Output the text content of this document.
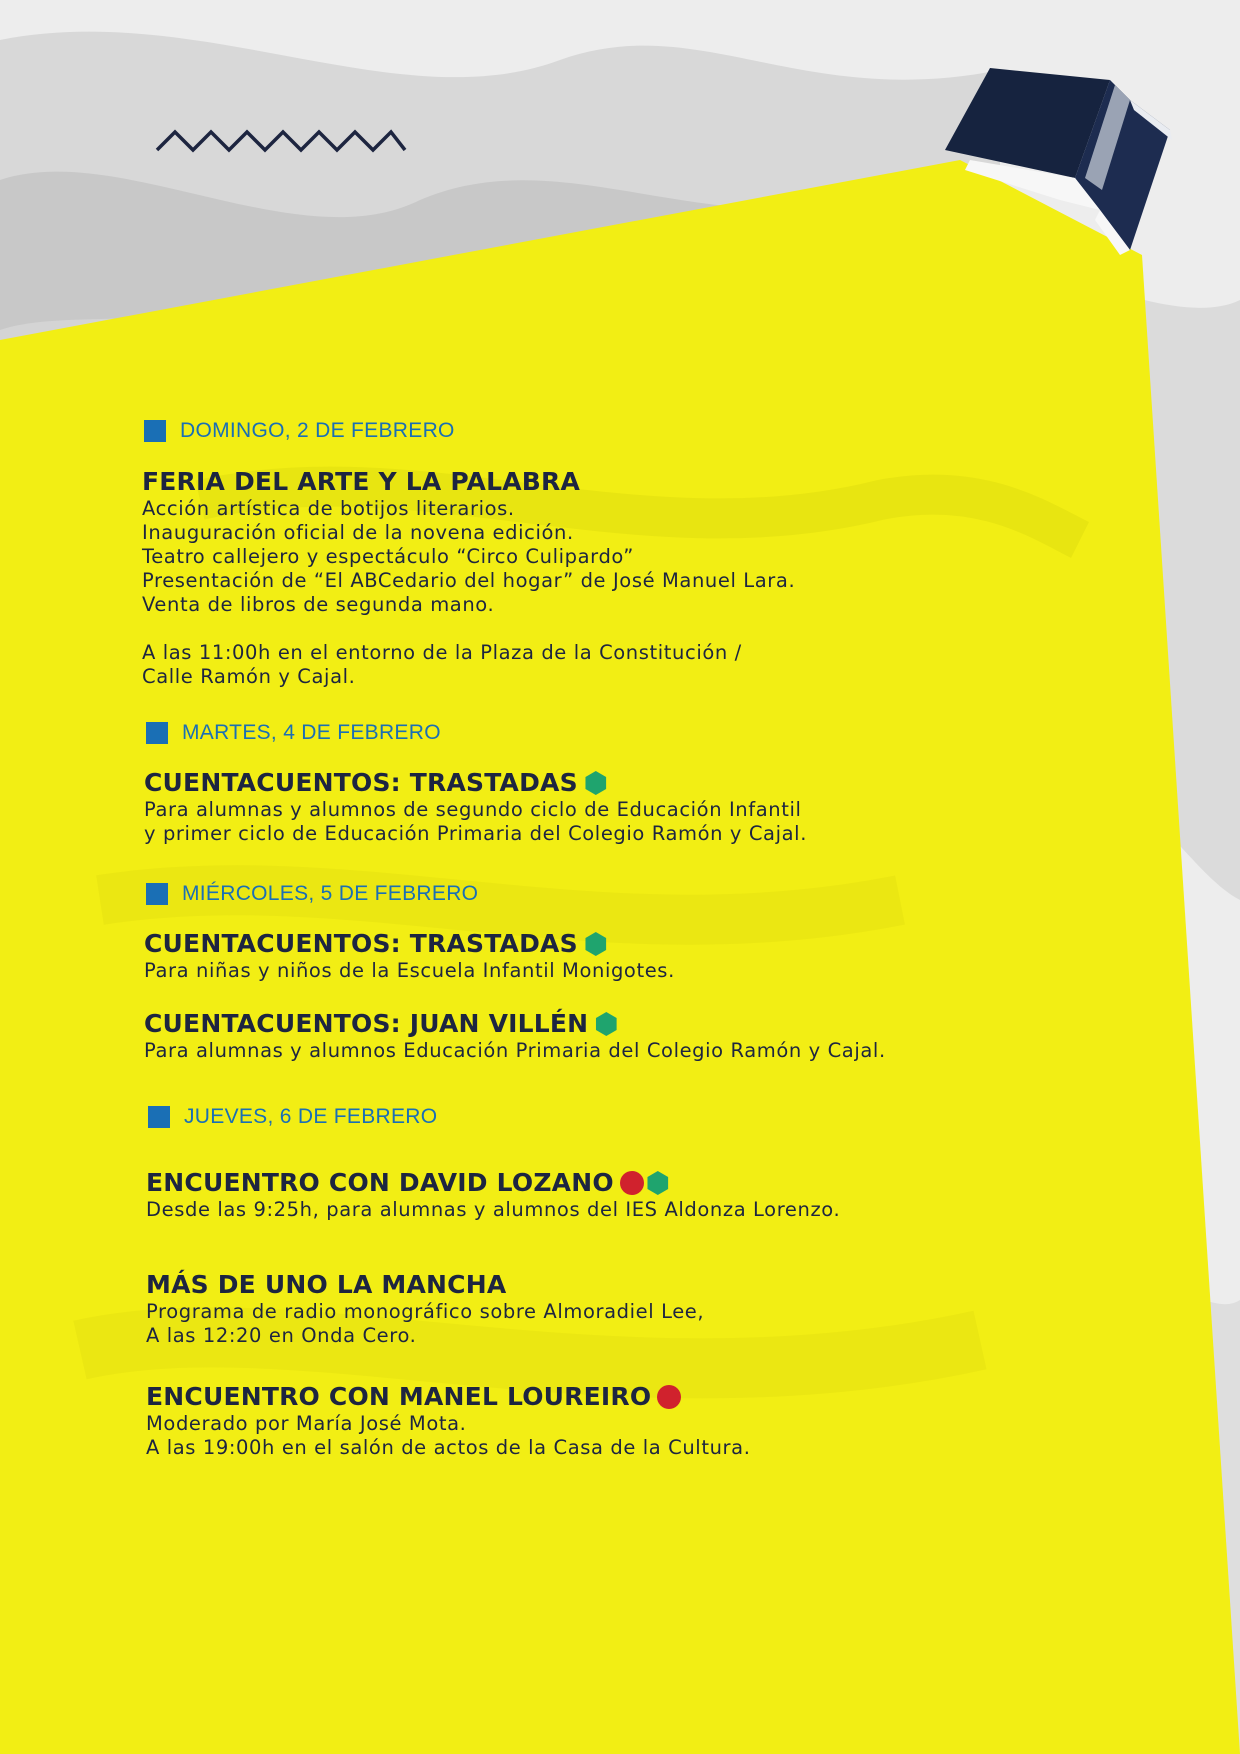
DOMINGO, 2 DE FEBRERO
FERIA DEL ARTE Y LA PALABRA
Acción artística de botijos literarios.
Inauguración oficial de la novena edición.
Teatro callejero y espectáculo “Circo Culipardo”
Presentación de “El ABCedario del hogar” de José Manuel Lara.
Venta de libros de segunda mano.
A las 11:00h en el entorno de la Plaza de la Constitución /
Calle Ramón y Cajal.
MARTES, 4 DE FEBRERO
CUENTACUENTOS: TRASTADAS
Para alumnas y alumnos de segundo ciclo de Educación Infantil
y primer ciclo de Educación Primaria del Colegio Ramón y Cajal.
MIÉRCOLES, 5 DE FEBRERO
CUENTACUENTOS: TRASTADAS
Para niñas y niños de la Escuela Infantil Monigotes.
CUENTACUENTOS: JUAN VILLÉN
Para alumnas y alumnos Educación Primaria del Colegio Ramón y Cajal.
JUEVES, 6 DE FEBRERO
ENCUENTRO CON DAVID LOZANO
Desde las 9:25h, para alumnas y alumnos del IES Aldonza Lorenzo.
MÁS DE UNO LA MANCHA
Programa de radio monográfico sobre Almoradiel Lee,
A las 12:20 en Onda Cero.
ENCUENTRO CON MANEL LOUREIRO
Moderado por María José Mota.
A las 19:00h en el salón de actos de la Casa de la Cultura.
